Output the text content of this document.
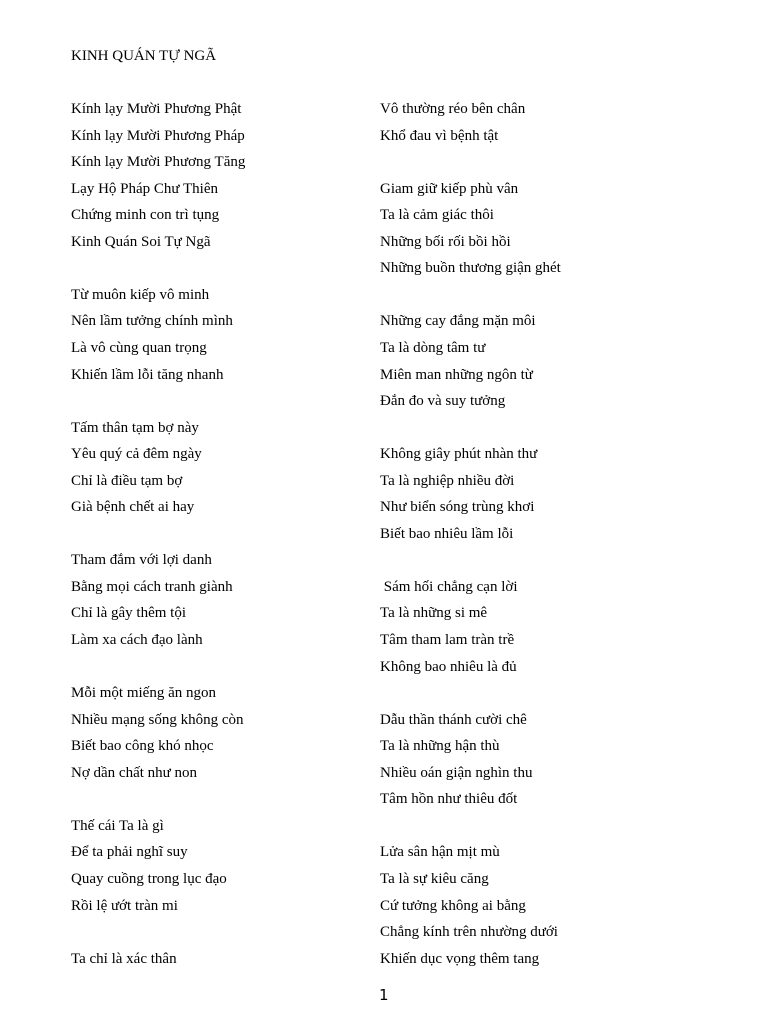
KINH QUÁN TỰ NGÃ
Kính lạy Mười Phương Phật
Kính lạy Mười Phương Pháp
Kính lạy Mười Phương Tăng
Lạy Hộ Pháp Chư Thiên
Chứng minh con trì tụng
Kinh Quán Soi Tự Ngã
Từ muôn kiếp vô minh
Nên lầm tưởng chính mình
Là vô cùng quan trọng
Khiến lầm lỗi tăng nhanh
Tấm thân tạm bợ này
Yêu quý cả đêm ngày
Chỉ là điều tạm bợ
Già bệnh chết ai hay
Tham đắm với lợi danh
Bằng mọi cách tranh giành
Chỉ là gây thêm tội
Làm xa cách đạo lành
Mỗi một miếng ăn ngon
Nhiều mạng sống không còn
Biết bao công khó nhọc
Nợ dần chất như non
Thế cái Ta là gì
Để ta phải nghĩ suy
Quay cuồng trong lục đạo
Rồi lệ ướt tràn mi
Ta chỉ là xác thân
Vô thường réo bên chân
Khổ đau vì bệnh tật
Giam giữ kiếp phù vân
Ta là cảm giác thôi
Những bối rối bồi hồi
Những buồn thương giận ghét
Những cay đắng mặn môi
Ta là dòng tâm tư
Miên man những ngôn từ
Đắn đo và suy tưởng
Không giây phút nhàn thư
Ta là nghiệp nhiều đời
Như biển sóng trùng khơi
Biết bao nhiêu lầm lỗi
Sám hối chẳng cạn lời
Ta là những si mê
Tâm tham lam tràn trề
Không bao nhiêu là đủ
Dẫu thần thánh cười chê
Ta là những hận thù
Nhiều oán giận nghìn thu
Tâm hồn như thiêu đốt
Lửa sân hận mịt mù
Ta là sự kiêu căng
Cứ tưởng không ai bằng
Chẳng kính trên nhường dưới
Khiến dục vọng thêm tang
1
